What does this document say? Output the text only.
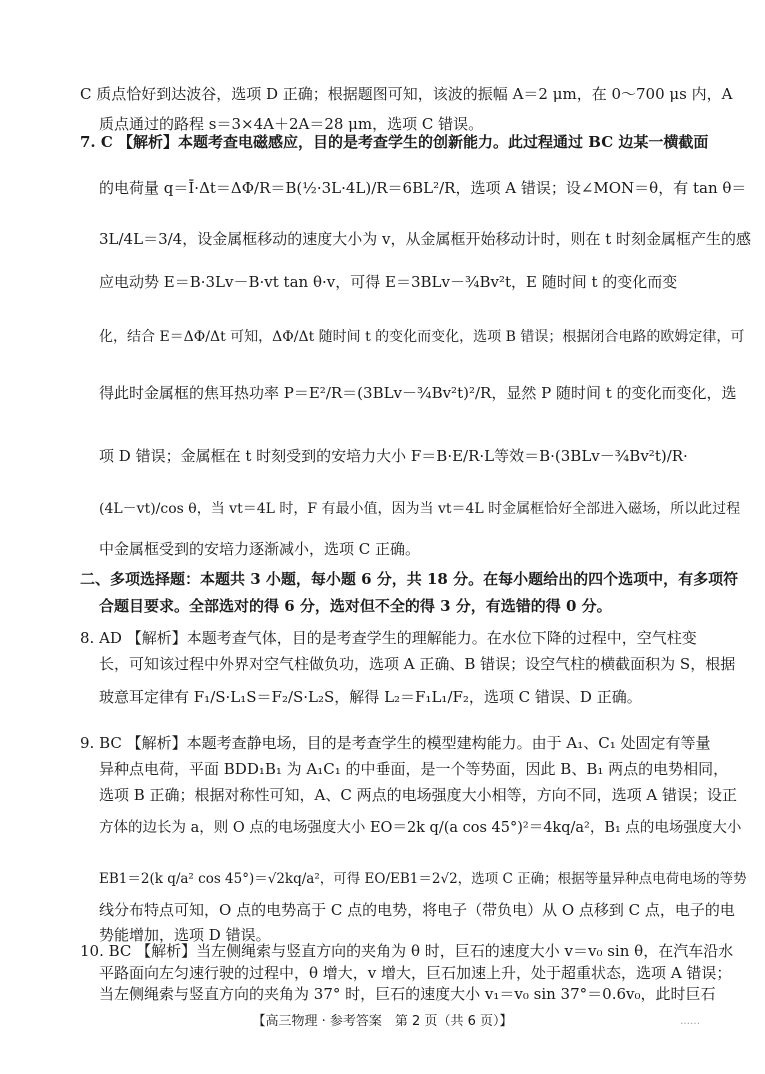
C 质点恰好到达波谷，选项 D 正确；根据题图可知，该波的振幅 A＝2 μm，在 0～700 μs 内，A
质点通过的路程 s＝3×4A＋2A＝28 μm，选项 C 错误。
7. C 【解析】本题考查电磁感应，目的是考查学生的创新能力。此过程通过 BC 边某一横截面
的电荷量 q＝Ī·Δt＝ΔΦ/R＝B(½·3L·4L)/R＝6BL²/R，选项 A 错误；设∠MON＝θ，有 tan θ＝
3L/4L＝3/4，设金属框移动的速度大小为 v，从金属框开始移动计时，则在 t 时刻金属框产生的感
应电动势 E＝B·3Lv－B·vt tan θ·v，可得 E＝3BLv－¾Bv²t，E 随时间 t 的变化而变
化，结合 E＝ΔΦ/Δt 可知，ΔΦ/Δt 随时间 t 的变化而变化，选项 B 错误；根据闭合电路的欧姆定律，可
得此时金属框的焦耳热功率 P＝E²/R＝(3BLv－¾Bv²t)²/R，显然 P 随时间 t 的变化而变化，选
项 D 错误；金属框在 t 时刻受到的安培力大小 F＝B·E/R·L等效＝B·(3BLv－¾Bv²t)/R·
(4L－vt)/cos θ，当 vt＝4L 时，F 有最小值，因为当 vt＝4L 时金属框恰好全部进入磁场，所以此过程
中金属框受到的安培力逐渐减小，选项 C 正确。
二、多项选择题：本题共 3 小题，每小题 6 分，共 18 分。在每小题给出的四个选项中，有多项符
合题目要求。全部选对的得 6 分，选对但不全的得 3 分，有选错的得 0 分。
8. AD 【解析】本题考查气体，目的是考查学生的理解能力。在水位下降的过程中，空气柱变
长，可知该过程中外界对空气柱做负功，选项 A 正确、B 错误；设空气柱的横截面积为 S，根据
玻意耳定律有 F₁/S·L₁S＝F₂/S·L₂S，解得 L₂＝F₁L₁/F₂，选项 C 错误、D 正确。
9. BC 【解析】本题考查静电场，目的是考查学生的模型建构能力。由于 A₁、C₁ 处固定有等量
异种点电荷，平面 BDD₁B₁ 为 A₁C₁ 的中垂面，是一个等势面，因此 B、B₁ 两点的电势相同，
选项 B 正确；根据对称性可知，A、C 两点的电场强度大小相等，方向不同，选项 A 错误；设正
方体的边长为 a，则 O 点的电场强度大小 EO＝2k q/(a cos 45°)²＝4kq/a²，B₁ 点的电场强度大小
EB1＝2(k q/a² cos 45°)＝√2kq/a²，可得 EO/EB1＝2√2，选项 C 正确；根据等量异种点电荷电场的等势
线分布特点可知，O 点的电势高于 C 点的电势，将电子（带负电）从 O 点移到 C 点，电子的电
势能增加，选项 D 错误。
10. BC 【解析】当左侧绳索与竖直方向的夹角为 θ 时，巨石的速度大小 v＝v₀ sin θ，在汽车沿水
平路面向左匀速行驶的过程中，θ 增大，v 增大，巨石加速上升，处于超重状态，选项 A 错误；
【高三物理 · 参考答案　第 2 页（共 6 页）】	……
当左侧绳索与竖直方向的夹角为 37° 时，巨石的速度大小 v₁＝v₀ sin 37°＝0.6v₀，此时巨石
